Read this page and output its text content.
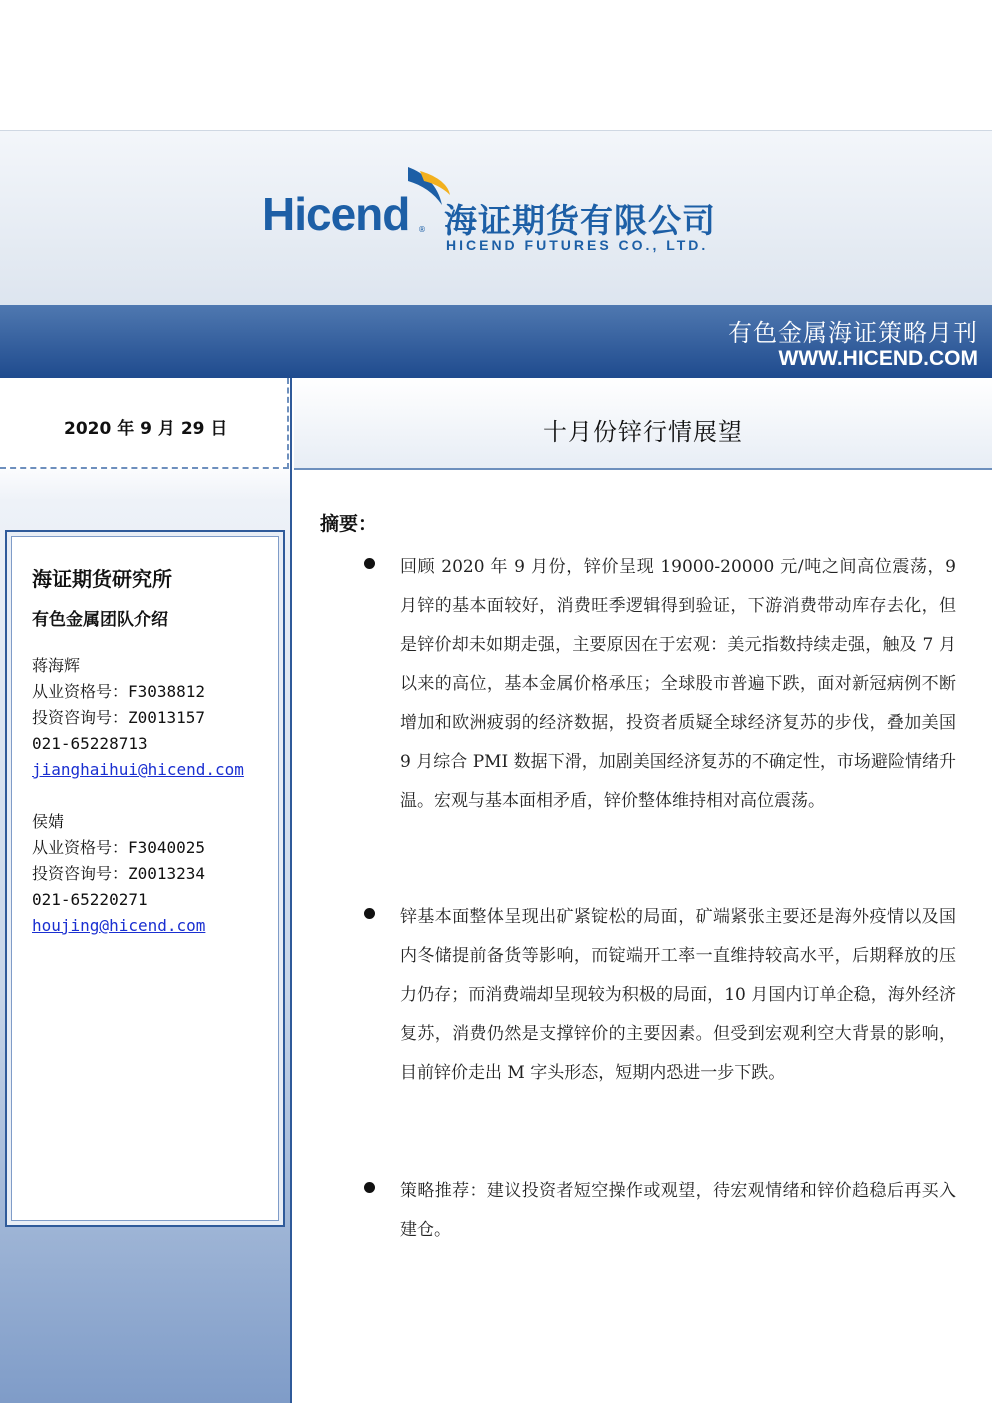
Hicend ® 海证期货有限公司
HICEND FUTURES CO., LTD.
有色金属海证策略月刊
WWW.HICEND.COM
2020 年 9 月 29 日	十月份锌行情展望
海证期货研究所
有色金属团队介绍
蒋海辉
从业资格号：F3038812
投资咨询号：Z0013157
021-65228713
jianghaihui@hicend.com
侯婧
从业资格号：F3040025
投资咨询号：Z0013234
021-65220271
houjing@hicend.com
摘要：
回顾 2020 年 9 月份，锌价呈现 19000-20000 元/吨之间高位震荡，9 月锌的基本面较好，消费旺季逻辑得到验证，下游消费带动库存去化，但是锌价却未如期走强，主要原因在于宏观：美元指数持续走强，触及 7 月以来的高位，基本金属价格承压；全球股市普遍下跌，面对新冠病例不断增加和欧洲疲弱的经济数据，投资者质疑全球经济复苏的步伐，叠加美国 9 月综合 PMI 数据下滑，加剧美国经济复苏的不确定性，市场避险情绪升温。宏观与基本面相矛盾，锌价整体维持相对高位震荡。
锌基本面整体呈现出矿紧锭松的局面，矿端紧张主要还是海外疫情以及国内冬储提前备货等影响，而锭端开工率一直维持较高水平，后期释放的压力仍存；而消费端却呈现较为积极的局面，10 月国内订单企稳，海外经济复苏，消费仍然是支撑锌价的主要因素。但受到宏观利空大背景的影响，目前锌价走出 M 字头形态，短期内恐进一步下跌。
策略推荐：建议投资者短空操作或观望，待宏观情绪和锌价趋稳后再买入建仓。
